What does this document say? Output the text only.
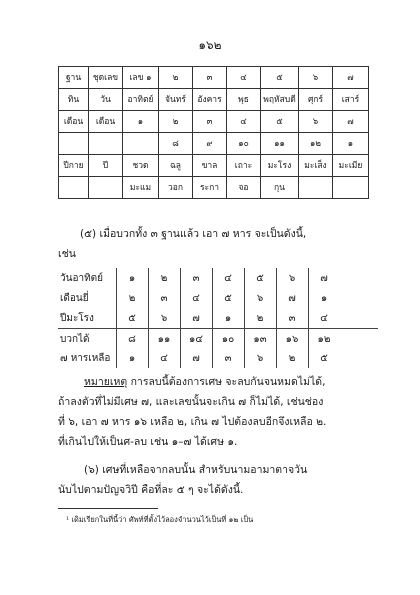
๑๖๒
ฐาน	ชุดเลข	เลข ๑	๒	๓	๔	๕	๖	๗
ทิน	วัน	อาทิตย์	จันทร์	อังคาร	พุธ	พฤหัสบดี	ศุกร์	เสาร์
เดือน	เดือน	๑	๒	๓	๔	๕	๖	๗
			๘	๙	๑๐	๑๑	๑๒	๑
ปีกาย	ปี	ชวด	ฉลู	ขาล	เถาะ	มะโรง	มะเส็ง	มะเมีย
		มะแม	วอก	ระกา	จอ	กุน		
(๕) เมื่อบวกทั้ง ๓ ฐานแล้ว เอา ๗ หาร จะเป็นดังนี้,
เช่น
วันอาทิตย์	๑	๒	๓	๔	๕	๖	๗
เดือนยี่	๒	๓	๔	๕	๖	๗	๑
ปีมะโรง	๕	๖	๗	๑	๒	๓	๔
บวกได้	๘	๑๑	๑๔	๑๐	๑๓	๑๖	๑๒
๗ หารเหลือ	๑	๔	๗	๓	๖	๒	๕
หมายเหตุ การลบนี้ต้องการเศษ จะลบกันจนหมดไม่ได้,
ถ้าลงตัวที่ไม่มีเศษ ๗, และเลขนั้นจะเกิน ๗ ก็ไม่ได้, เช่นช่อง
ที่ ๖, เอา ๗ หาร ๑๖ เหลือ ๒, เกิน ๗ ไปต้องลบอีกจึงเหลือ ๒.
ที่เกินไปให้เป็นศ-ลบ เช่น ๑–๗ ได้เศษ ๑.
(๖) เศษที่เหลือจากลบนั้น สำหรับนามอามาตาจวัน
นับไปตามปัญจวิปี คือที่ละ ๕ ๆ จะได้ดังนี้.
¹ เดิมเรียกในที่นี้ว่า ศัพท์ที่ตั้งไว้ลองจำนวนไว้เป็นที่ ๑๒ เป็น
